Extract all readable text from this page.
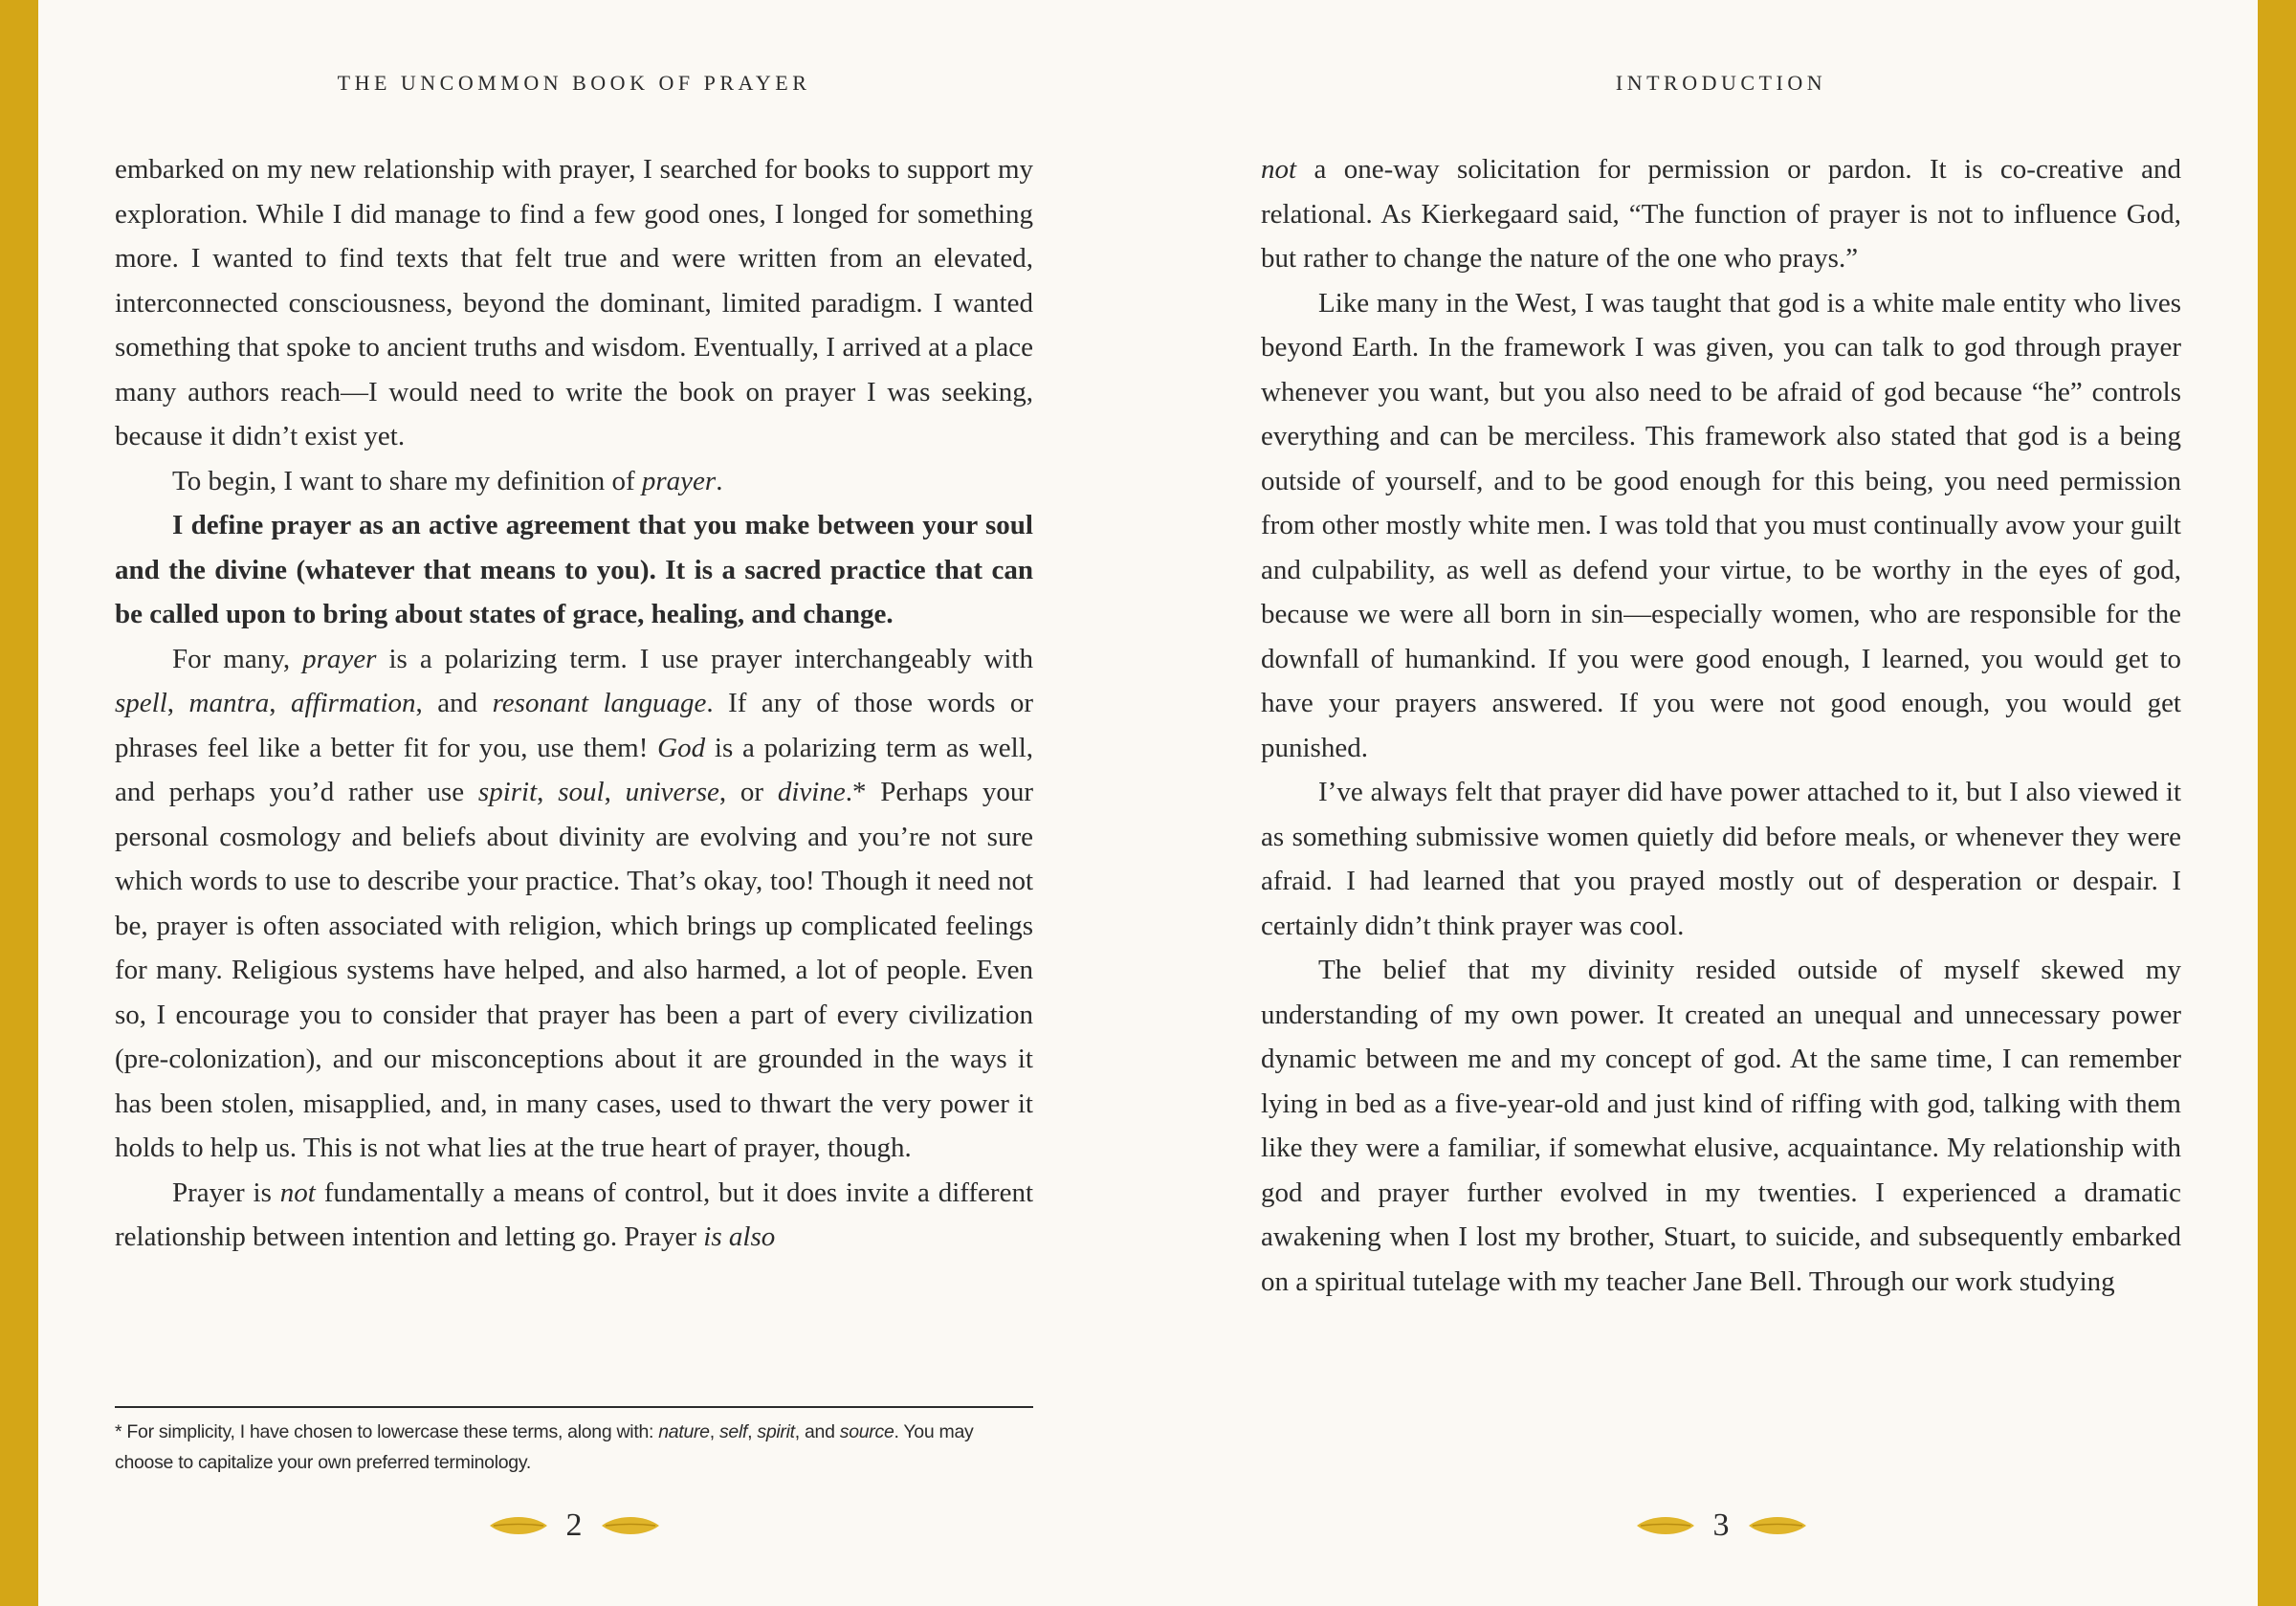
THE UNCOMMON BOOK OF PRAYER

embarked on my new relationship with prayer, I searched for books to support my exploration. While I did manage to find a few good ones, I longed for something more. I wanted to find texts that felt true and were written from an elevated, interconnected consciousness, beyond the dominant, limited paradigm. I wanted something that spoke to ancient truths and wisdom. Eventually, I arrived at a place many authors reach—I would need to write the book on prayer I was seeking, because it didn’t exist yet.

To begin, I want to share my definition of prayer.

I define prayer as an active agreement that you make between your soul and the divine (whatever that means to you). It is a sacred practice that can be called upon to bring about states of grace, healing, and change.

For many, prayer is a polarizing term. I use prayer interchangeably with spell, mantra, affirmation, and resonant language. If any of those words or phrases feel like a better fit for you, use them! God is a polarizing term as well, and perhaps you’d rather use spirit, soul, universe, or divine.* Perhaps your personal cosmology and beliefs about divinity are evolving and you’re not sure which words to use to describe your practice. That’s okay, too! Though it need not be, prayer is often associated with religion, which brings up complicated feelings for many. Religious systems have helped, and also harmed, a lot of people. Even so, I encourage you to consider that prayer has been a part of every civilization (pre-colonization), and our misconceptions about it are grounded in the ways it has been stolen, misapplied, and, in many cases, used to thwart the very power it holds to help us. This is not what lies at the true heart of prayer, though.

Prayer is not fundamentally a means of control, but it does invite a different relationship between intention and letting go. Prayer is also

* For simplicity, I have chosen to lowercase these terms, along with: nature, self, spirit, and source. You may choose to capitalize your own preferred terminology.
2
INTRODUCTION

not a one-way solicitation for permission or pardon. It is co-creative and relational. As Kierkegaard said, “The function of prayer is not to influence God, but rather to change the nature of the one who prays.”

Like many in the West, I was taught that god is a white male entity who lives beyond Earth. In the framework I was given, you can talk to god through prayer whenever you want, but you also need to be afraid of god because “he” controls everything and can be merciless. This framework also stated that god is a being outside of yourself, and to be good enough for this being, you need permission from other mostly white men. I was told that you must continually avow your guilt and culpability, as well as defend your virtue, to be worthy in the eyes of god, because we were all born in sin—especially women, who are responsible for the downfall of humankind. If you were good enough, I learned, you would get to have your prayers answered. If you were not good enough, you would get punished.

I’ve always felt that prayer did have power attached to it, but I also viewed it as something submissive women quietly did before meals, or whenever they were afraid. I had learned that you prayed mostly out of desperation or despair. I certainly didn’t think prayer was cool.

The belief that my divinity resided outside of myself skewed my understanding of my own power. It created an unequal and unnecessary power dynamic between me and my concept of god. At the same time, I can remember lying in bed as a five-year-old and just kind of riffing with god, talking with them like they were a familiar, if somewhat elusive, acquaintance. My relationship with god and prayer further evolved in my twenties. I experienced a dramatic awakening when I lost my brother, Stuart, to suicide, and subsequently embarked on a spiritual tutelage with my teacher Jane Bell. Through our work studying

3
